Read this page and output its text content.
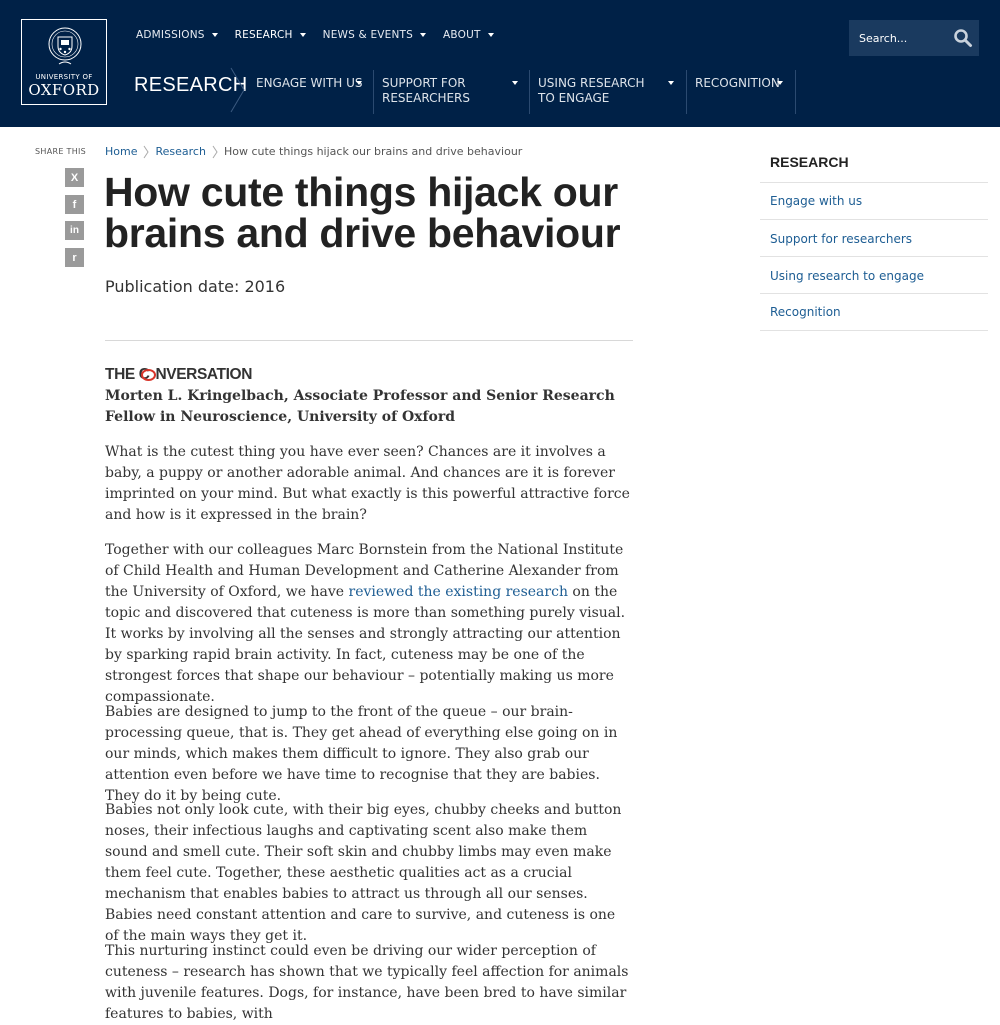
UNIVERSITY OF
OXFORD
ADMISSIONS	RESEARCH	NEWS & EVENTS	ABOUT
Search...
RESEARCH ENGAGE WITH US SUPPORT FOR RESEARCHERS
USING RESEARCH TO ENGAGE
RECOGNITION
SHARE THIS
X
f
in
r
Home Research How cute things hijack our brains and drive behaviour
How cute things hijack our brains and drive behaviour
Publication date: 2016
THE C NVERSATION
Morten L. Kringelbach, Associate Professor and Senior Research Fellow in Neuroscience, University of Oxford

What is the cutest thing you have ever seen? Chances are it involves a baby, a puppy or another adorable animal. And chances are it is forever imprinted on your mind. But what exactly is this powerful attractive force and how is it expressed in the brain?

Together with our colleagues Marc Bornstein from the National Institute of Child Health and Human Development and Catherine Alexander from the University of Oxford, we have reviewed the existing research on the topic and discovered that cuteness is more than something purely visual. It works by involving all the senses and strongly attracting our attention by sparking rapid brain activity. In fact, cuteness may be one of the strongest forces that shape our behaviour – potentially making us more compassionate.

Babies are designed to jump to the front of the queue – our brain-processing queue, that is. They get ahead of everything else going on in our minds, which makes them difficult to ignore. They also grab our attention even before we have time to recognise that they are babies. They do it by being cute.

Babies not only look cute, with their big eyes, chubby cheeks and button noses, their infectious laughs and captivating scent also make them sound and smell cute. Their soft skin and chubby limbs may even make them feel cute. Together, these aesthetic qualities act as a crucial mechanism that enables babies to attract us through all our senses. Babies need constant attention and care to survive, and cuteness is one of the main ways they get it.

This nurturing instinct could even be driving our wider perception of cuteness – research has shown that we typically feel affection for animals with juvenile features. Dogs, for instance, have been bred to have similar features to babies, with

RESEARCH
Engage with us
Support for researchers
Using research to engage
Recognition
